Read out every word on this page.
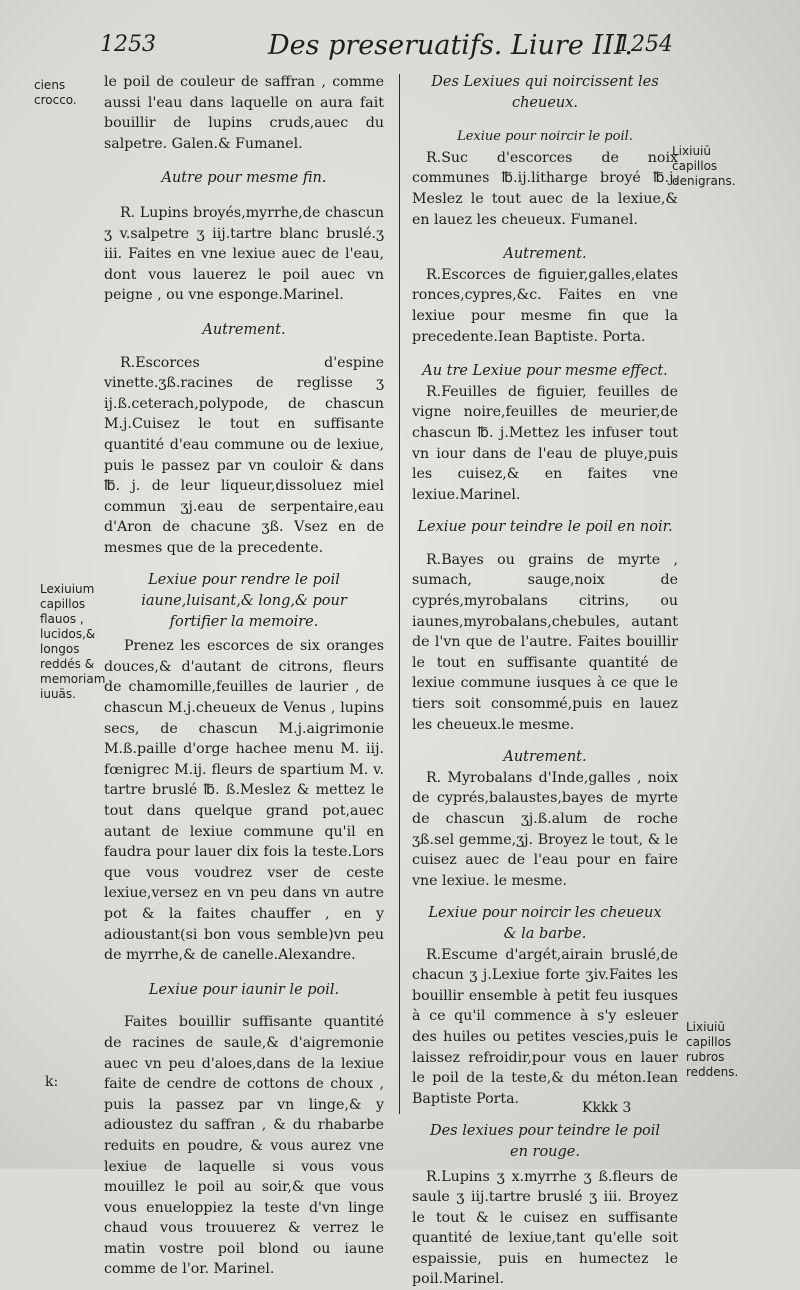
1253	Des preseruatifs. Liure III.
1254
le poil de couleur de saffran , comme aussi l'eau dans laquelle on aura fait bouillir de lupins cruds,auec du salpetre. Galen.& Fumanel.
Autre pour mesme fin.
R. Lupins broyés,myrrhe,de chascun ʒ v.salpetre ʒ iij.tartre blanc bruslé.ʒ iii. Faites en vne lexiue auec de l'eau, dont vous lauerez le poil auec vn peigne , ou vne esponge.Marinel.
Autrement.
R.Escorces d'espine vinette.ʒß.racines de reglisse ʒ ij.ß.ceterach,polypode, de chascun M.j.Cuisez le tout en suffisante quantité d'eau commune ou de lexiue, puis le passez par vn couloir & dans ℔. j. de leur liqueur,dissoluez miel commun ʒj.eau de serpentaire,eau d'Aron de chacune ʒß. Vsez en de mesmes que de la precedente.
Lexiue pour rendre le poil iaune,luisant,& long,& pour fortifier la memoire.
Prenez les escorces de six oranges douces,& d'autant de citrons, fleurs de chamomille,feuilles de laurier , de chascun M.j.cheueux de Venus , lupins secs, de chascun M.j.aigrimonie M.ß.paille d'orge hachee menu M. iij. fœnigrec M.ij. fleurs de spartium M. v. tartre bruslé ℔. ß.Meslez & mettez le tout dans quelque grand pot,auec autant de lexiue commune qu'il en faudra pour lauer dix fois la teste.Lors que vous voudrez vser de ceste lexiue,versez en vn peu dans vn autre pot & la faites chauffer , en y adioustant(si bon vous semble)vn peu de myrrhe,& de canelle.Alexandre.
Lexiue pour iaunir le poil.
Faites bouillir suffisante quantité de racines de saule,& d'aigremonie auec vn peu d'aloes,dans de la lexiue faite de cendre de cottons de choux , puis la passez par vn linge,& y adioustez du saffran , & du rhabarbe reduits en poudre, & vous aurez vne lexiue de laquelle si vous vous mouillez le poil au soir,& que vous vous enueloppiez la teste d'vn linge chaud vous trouuerez & verrez le matin vostre poil blond ou iaune comme de l'or. Marinel.
Des Lexiues qui noircissent les cheueux.
Lexiue pour noircir le poil.
R.Suc d'escorces de noix communes ℔.ij.litharge broyé ℔.j. Meslez le tout auec de la lexiue,& en lauez les cheueux. Fumanel.
Autrement.
R.Escorces de figuier,galles,elates ronces,cypres,&c. Faites en vne lexiue pour mesme fin que la precedente.Iean Baptiste. Porta.
Au tre Lexiue pour mesme effect.
R.Feuilles de figuier, feuilles de vigne noire,feuilles de meurier,de chascun ℔. j.Mettez les infuser tout vn iour dans de l'eau de pluye,puis les cuisez,& en faites vne lexiue.Marinel.
Lexiue pour teindre le poil en noir.
R.Bayes ou grains de myrte , sumach, sauge,noix de cyprés,myrobalans citrins, ou iaunes,myrobalans,chebules, autant de l'vn que de l'autre. Faites bouillir le tout en suffisante quantité de lexiue commune iusques à ce que le tiers soit consommé,puis en lauez les cheueux.le mesme.
Autrement.
R. Myrobalans d'Inde,galles , noix de cyprés,balaustes,bayes de myrte de chascun ʒj.ß.alum de roche ʒß.sel gemme,ʒj. Broyez le tout, & le cuisez auec de l'eau pour en faire vne lexiue. le mesme.
Lexiue pour noircir les cheueux & la barbe.
R.Escume d'argét,airain bruslé,de chacun ʒ j.Lexiue forte ʒiv.Faites les bouillir ensemble à petit feu iusques à ce qu'il commence à s'y esleuer des huiles ou petites vescies,puis le laissez refroidir,pour vous en lauer le poil de la teste,& du méton.Iean Baptiste Porta.
Des lexiues pour teindre le poil en rouge.
R.Lupins ʒ x.myrrhe ʒ ß.fleurs de saule ʒ iij.tartre bruslé ʒ iii. Broyez le tout & le cuisez en suffisante quantité de lexiue,tant qu'elle soit espaissie, puis en humectez le poil.Marinel.
ciens crocco.
Lixiuiū capillos denigrans.
Lexiuium capillos flauos , lucidos,& longos reddés & memoriam iuuās.
Lixiuiū capillos rubros reddens.
k:
Kkkk 3
